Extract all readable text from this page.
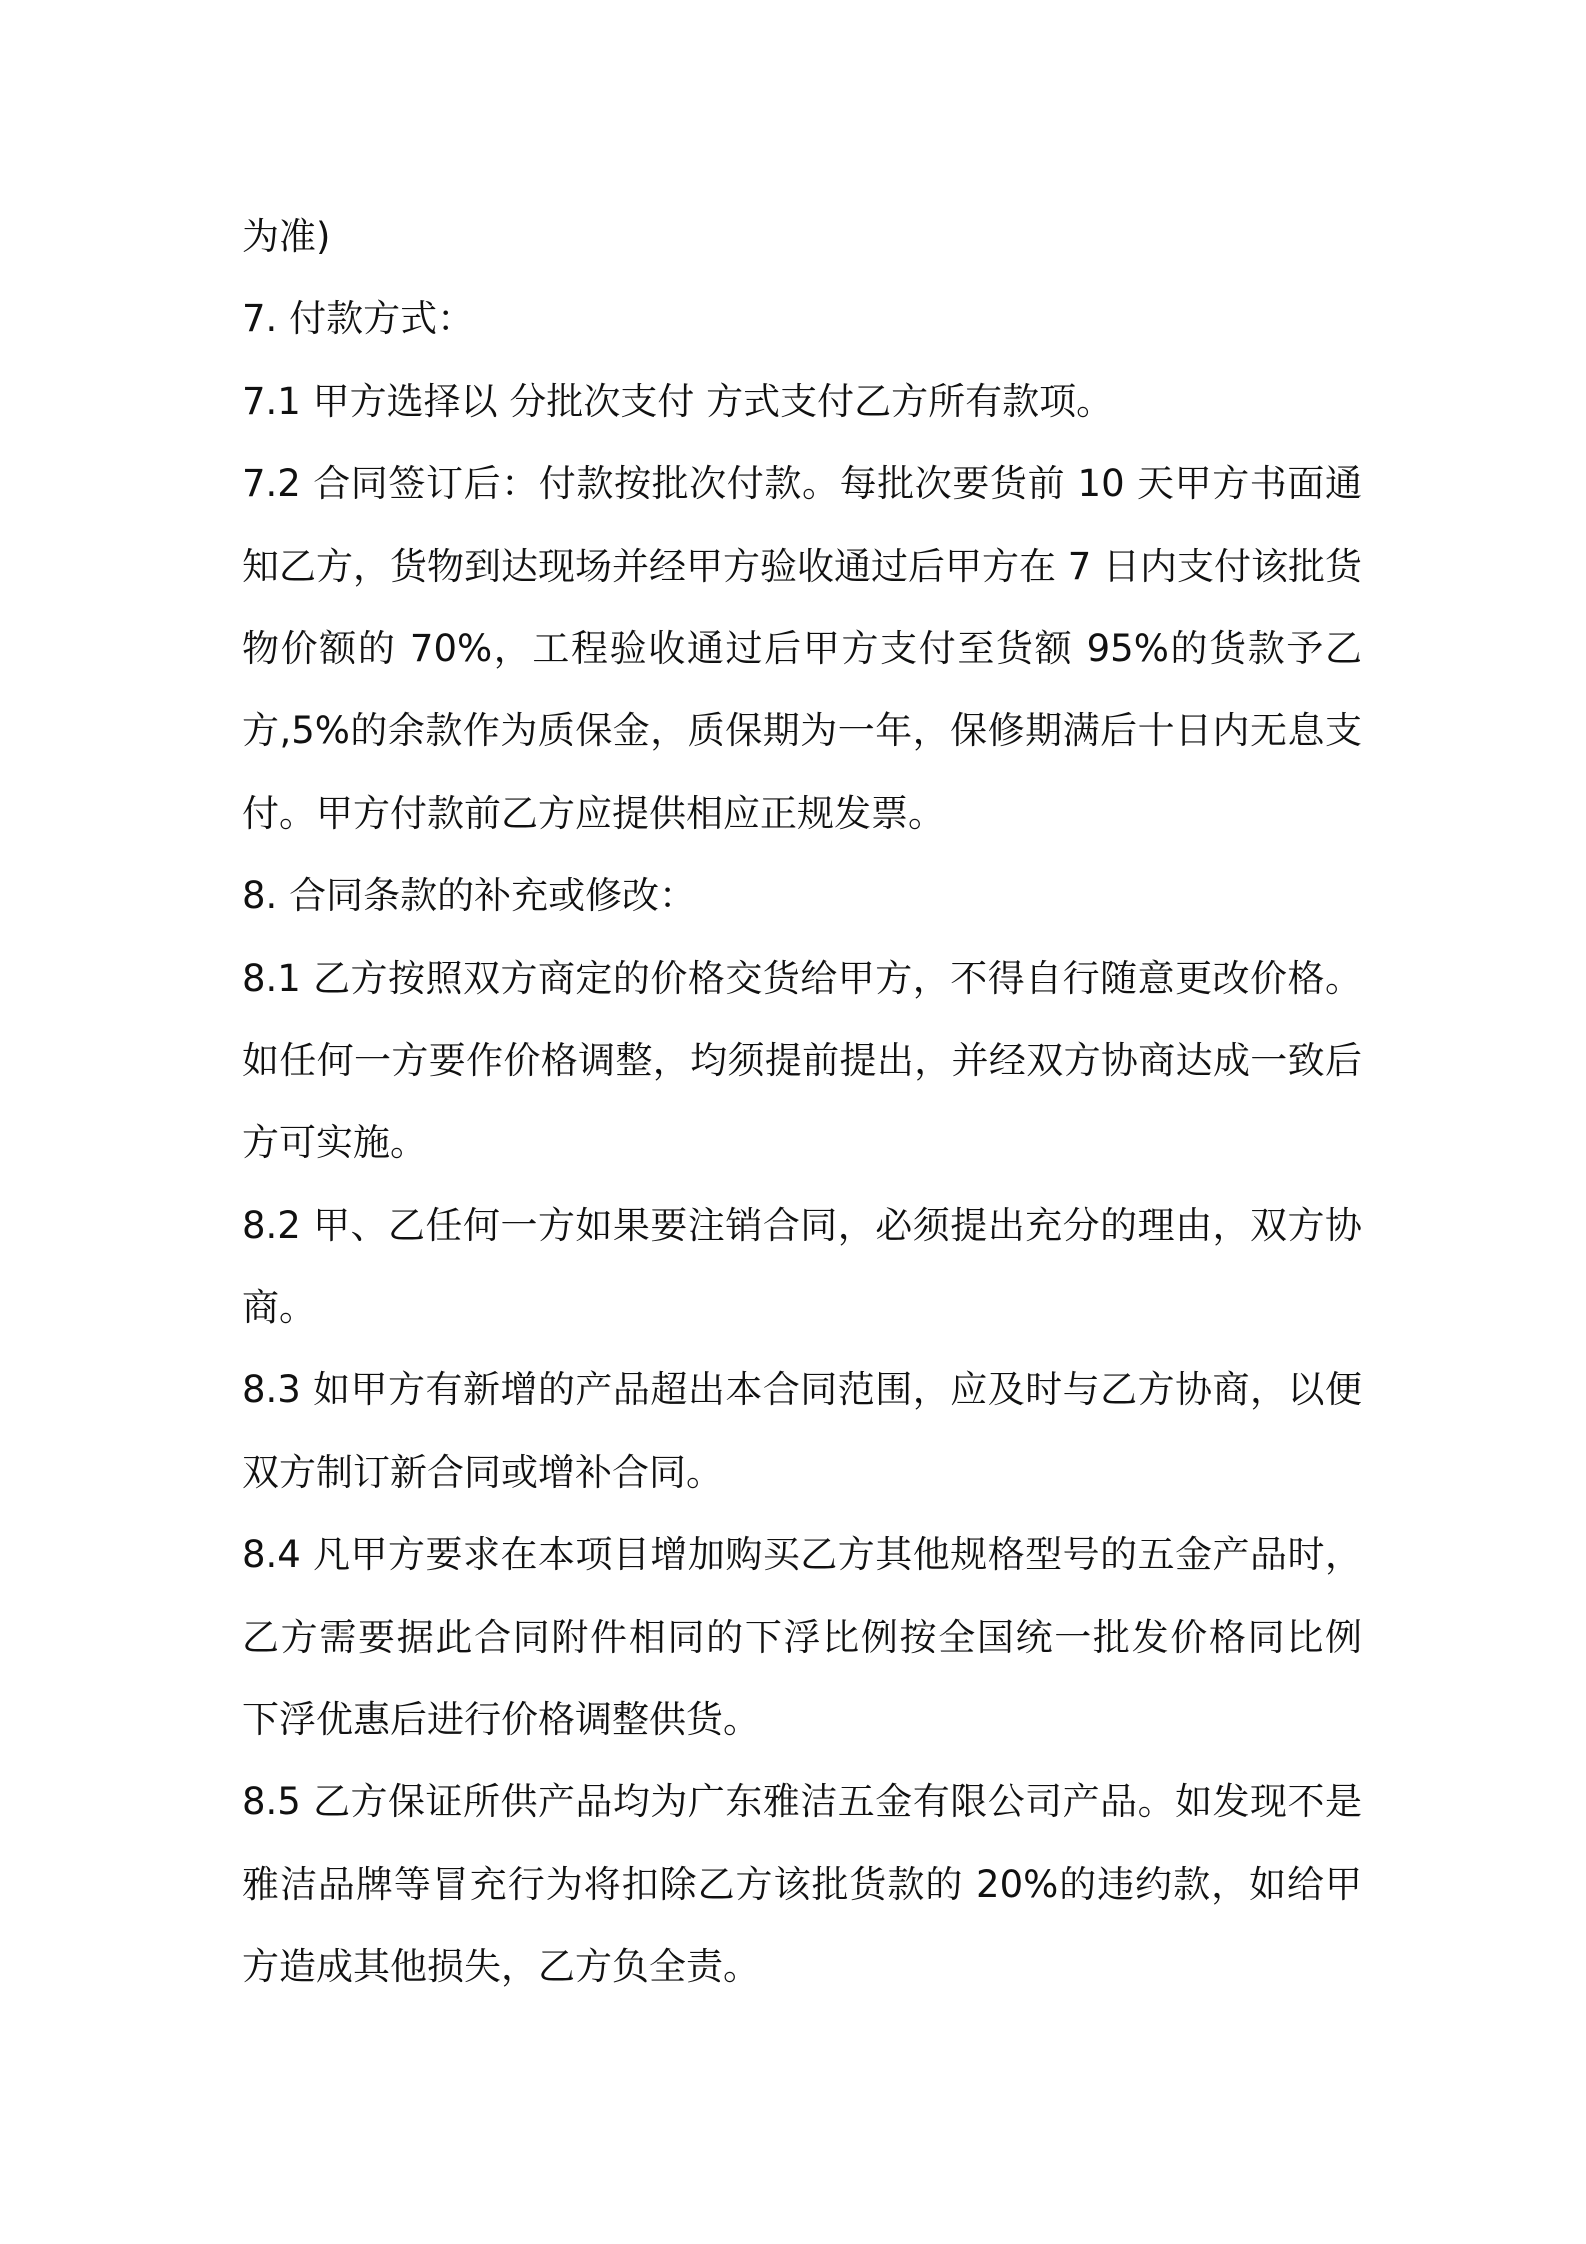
为准)
7. 付款方式：
7.1 甲方选择以 分批次支付 方式支付乙方所有款项。
7.2 合同签订后：付款按批次付款。每批次要货前 10 天甲方书面通
知乙方，货物到达现场并经甲方验收通过后甲方在 7 日内支付该批货
物价额的 70%，工程验收通过后甲方支付至货额 95%的货款予乙
方,5%的余款作为质保金，质保期为一年，保修期满后十日内无息支
付。甲方付款前乙方应提供相应正规发票。
8. 合同条款的补充或修改：
8.1 乙方按照双方商定的价格交货给甲方，不得自行随意更改价格。
如任何一方要作价格调整，均须提前提出，并经双方协商达成一致后
方可实施。
8.2 甲、乙任何一方如果要注销合同，必须提出充分的理由，双方协
商。
8.3 如甲方有新增的产品超出本合同范围，应及时与乙方协商，以便
双方制订新合同或增补合同。
8.4 凡甲方要求在本项目增加购买乙方其他规格型号的五金产品时，
乙方需要据此合同附件相同的下浮比例按全国统一批发价格同比例
下浮优惠后进行价格调整供货。
8.5 乙方保证所供产品均为广东雅洁五金有限公司产品。如发现不是
雅洁品牌等冒充行为将扣除乙方该批货款的 20%的违约款，如给甲
方造成其他损失，乙方负全责。
